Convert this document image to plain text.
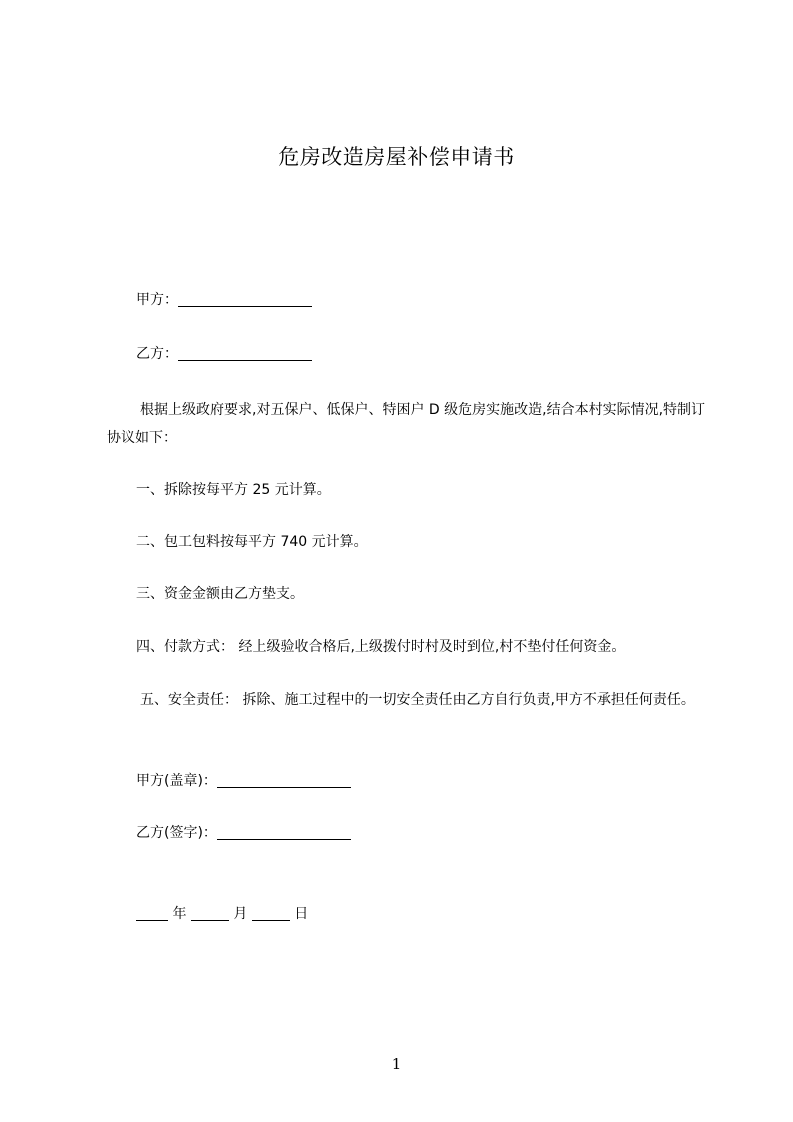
危房改造房屋补偿申请书
甲方：
乙方：
根据上级政府要求,对五保户、低保户、特困户 D 级危房实施改造,结合本村实际情况,特制订协议如下：
一、拆除按每平方 25 元计算。
二、包工包料按每平方 740 元计算。
三、资金金额由乙方垫支。
四、付款方式： 经上级验收合格后,上级拨付时村及时到位,村不垫付任何资金。
五、安全责任： 拆除、施工过程中的一切安全责任由乙方自行负责,甲方不承担任何责任。
甲方(盖章)：
乙方(签字)：
年	月	日
1
